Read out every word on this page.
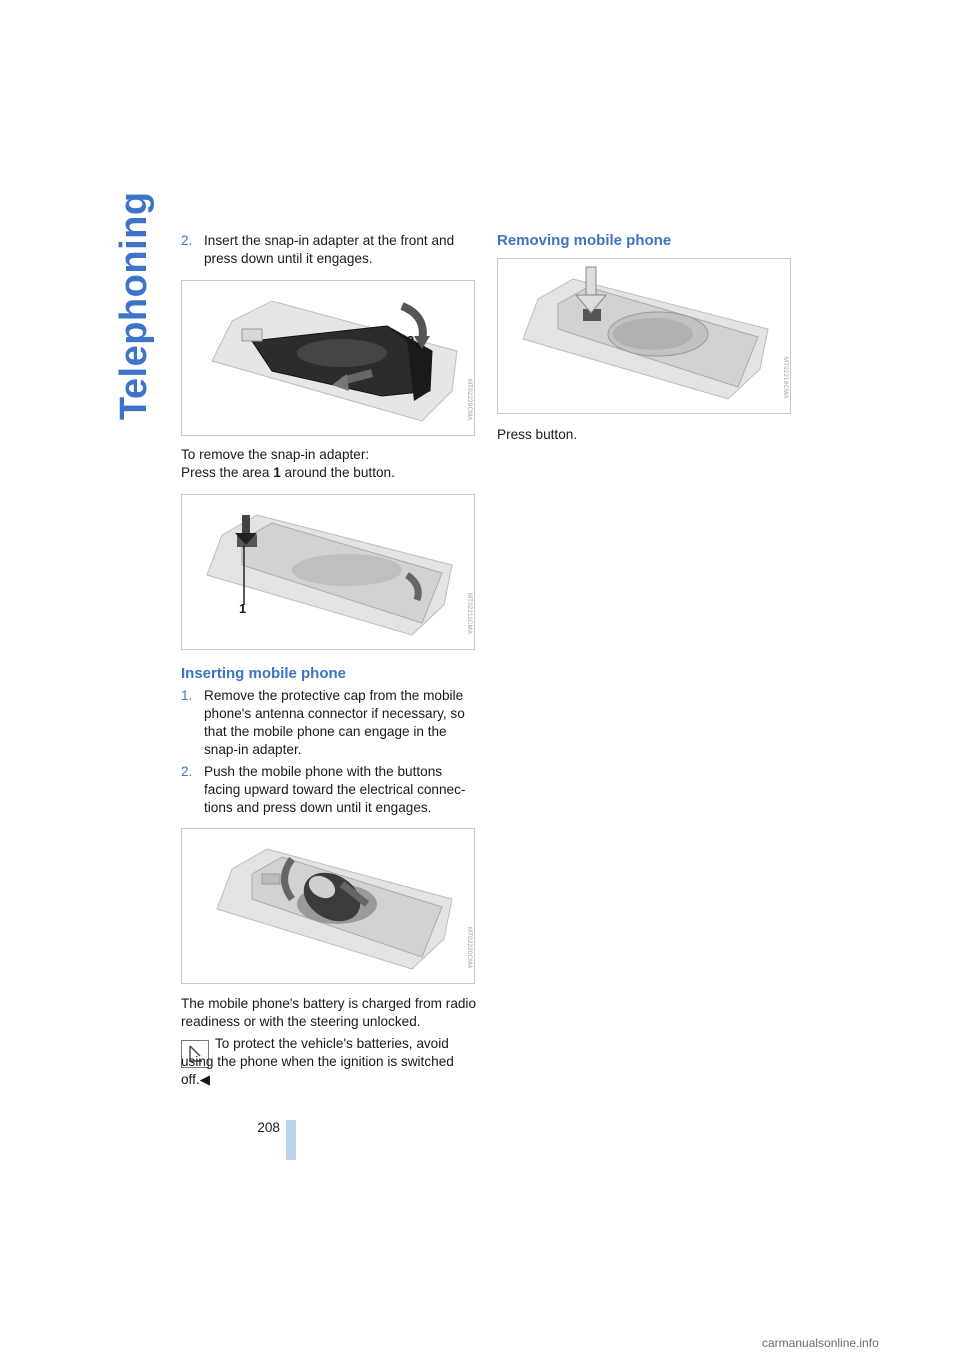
Telephoning 2. Insert the snap-in adapter at the front and press down until it engages.
2
MT02229CMA
To remove the snap-in adapter:
Press the area 1 around the button.
1	MT02211CMA
Inserting mobile phone
1. Remove the protective cap from the mobile phone's antenna connector if necessary, so that the mobile phone can engage in the snap-in adapter.
2. Push the mobile phone with the buttons facing upward toward the electrical connec-tions and press down until it engages.
MT02220CMA
The mobile phone's battery is charged from radio readiness or with the steering unlocked.
To protect the vehicle's batteries, avoid using the phone when the ignition is switched off.◀
208
Removing mobile phone
MT02219CMA
Press button.
carmanualsonline.info
